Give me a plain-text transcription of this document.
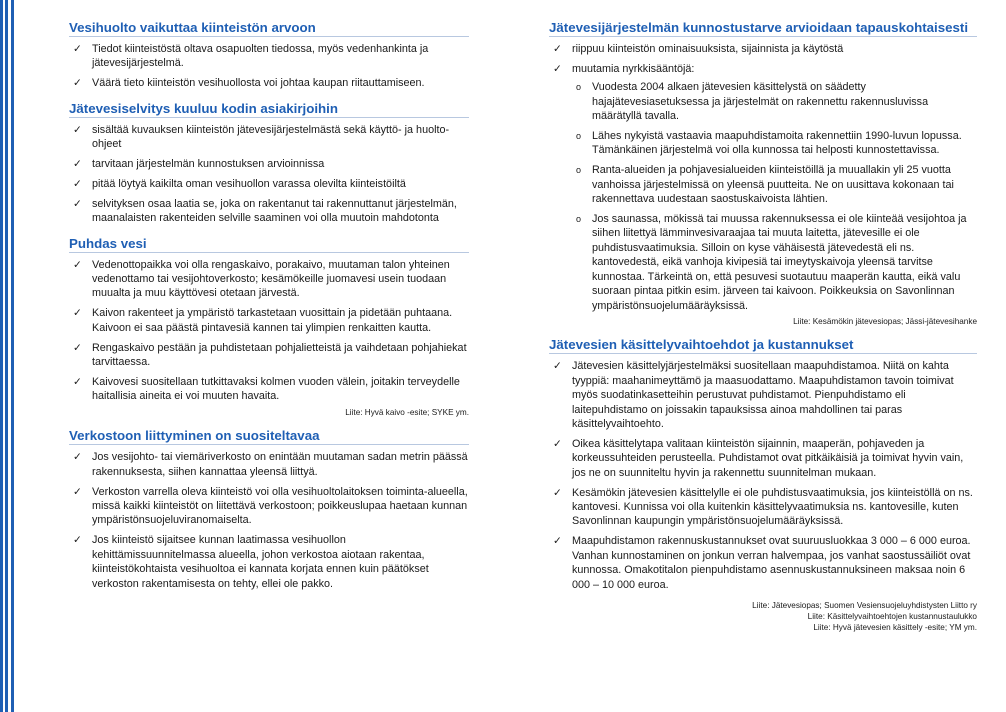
Vesihuolto vaikuttaa kiinteistön arvoon
✓ Tiedot kiinteistöstä oltava osapuolten tiedossa, myös vedenhankinta ja jätevesijärjestelmä.
✓ Väärä tieto kiinteistön vesihuollosta voi johtaa kaupan riitauttamiseen.
Jätevesiselvitys kuuluu kodin asiakirjoihin
✓ sisältää kuvauksen kiinteistön jätevesijärjestelmästä sekä käyttö- ja huolto-ohjeet
✓ tarvitaan järjestelmän kunnostuksen arvioinnissa
✓ pitää löytyä kaikilta oman vesihuollon varassa olevilta kiinteistöiltä
✓ selvityksen osaa laatia se, joka on rakentanut tai rakennuttanut järjestelmän, maanalaisten rakenteiden selville saaminen voi olla muutoin mahdotonta
Puhdas vesi
✓ Vedenottopaikka voi olla rengaskaivo, porakaivo, muutaman talon yhteinen vedenottamo tai vesijohtoverkosto; kesämökeille juomavesi usein tuodaan muualta ja muu käyttövesi otetaan järvestä.
✓ Kaivon rakenteet ja ympäristö tarkastetaan vuosittain ja pidetään puhtaana. Kaivoon ei saa päästä pintavesiä kannen tai ylimpien renkaitten kautta.
✓ Rengaskaivo pestään ja puhdistetaan pohjalietteistä ja vaihdetaan pohjahiekat tarvittaessa.
✓ Kaivovesi suositellaan tutkittavaksi kolmen vuoden välein, joitakin terveydelle haitallisia aineita ei voi muuten havaita.
Liite: Hyvä kaivo -esite; SYKE ym.
Verkostoon liittyminen on suositeltavaa
✓ Jos vesijohto- tai viemäriverkosto on enintään muutaman sadan metrin päässä rakennuksesta, siihen kannattaa yleensä liittyä.
✓ Verkoston varrella oleva kiinteistö voi olla vesihuoltolaitoksen toiminta-alueella, missä kaikki kiinteistöt on liitettävä verkostoon; poikkeuslupaa haetaan kunnan ympäristönsuojeluviranomaiselta.
✓ Jos kiinteistö sijaitsee kunnan laatimassa vesihuollon kehittämissuunnitelmassa alueella, johon verkostoa aiotaan rakentaa, kiinteistökohtaista vesihuoltoa ei kannata korjata ennen kuin päätökset verkoston rakentamisesta on tehty, ellei ole pakko.
Jätevesijärjestelmän kunnostustarve arvioidaan tapauskohtaisesti
✓ riippuu kiinteistön ominaisuuksista, sijainnista ja käytöstä
✓ muutamia nyrkkisääntöjä:
o Vuodesta 2004 alkaen jätevesien käsittelystä on säädetty hajajätevesiasetuksessa ja järjestelmät on rakennettu rakennusluvissa määrätyllä tavalla.
o Lähes nykyistä vastaavia maapuhdistamoita rakennettiin 1990-luvun lopussa. Tämänkäinen järjestelmä voi olla kunnossa tai helposti kunnostettavissa.
o Ranta-alueiden ja pohjavesialueiden kiinteistöillä ja muuallakin yli 25 vuotta vanhoissa järjestelmissä on yleensä puutteita. Ne on uusittava kokonaan tai rakennettava uudestaan saostuskaivoista lähtien.
o Jos saunassa, mökissä tai muussa rakennuksessa ei ole kiinteää vesijohtoa ja siihen liitettyä lämminvesivaraajaa tai muuta laitetta, jätevesille ei ole puhdistusvaatimuksia. Silloin on kyse vähäisestä jätevedestä eli ns. kantovedestä, eikä vanhoja kivipesiä tai imeytyskaivoja yleensä tarvitse kunnostaa. Tärkeintä on, että pesuvesi suotautuu maaperän kautta, eikä valu suoraan pintaa pitkin esim. järveen tai kaivoon. Poikkeuksia on Savonlinnan ympäristönsuojelumääräyksissä.
Liite: Kesämökin jätevesiopas; Jässi-jätevesihanke
Jätevesien käsittelyvaihtoehdot ja kustannukset
✓ Jätevesien käsittelyjärjestelmäksi suositellaan maapuhdistamoa. Niitä on kahta tyyppiä: maahanimeyttämö ja maasuodattamo. Maapuhdistamon tavoin toimivat myös suodatinkasetteihin perustuvat puhdistamot. Pienpuhdistamo eli laitepuhdistamo on joissakin tapauksissa ainoa mahdollinen tai paras käsittelyvaihtoehto.
✓ Oikea käsittelytapa valitaan kiinteistön sijainnin, maaperän, pohjaveden ja korkeussuhteiden perusteella. Puhdistamot ovat pitkäikäisiä ja toimivat hyvin vain, jos ne on suunniteltu hyvin ja rakennettu suunnitelman mukaan.
✓ Kesämökin jätevesien käsittelylle ei ole puhdistusvaatimuksia, jos kiinteistöllä on ns. kantovesi. Kunnissa voi olla kuitenkin käsittelyvaatimuksia ns. kantovesille, kuten Savonlinnan kaupungin ympäristönsuojelumääräyksissä.
✓ Maapuhdistamon rakennuskustannukset ovat suuruusluokkaa 3 000 – 6 000 euroa. Vanhan kunnostaminen on jonkun verran halvempaa, jos vanhat saostussäiliöt ovat kunnossa. Omakotitalon pienpuhdistamo asennuskustannuksineen maksaa noin 6 000 – 10 000 euroa.
Liite: Jätevesiopas; Suomen Vesiensuojeluyhdistysten Liitto ry
Liite: Käsittelyvaihtoehtojen kustannustaulukko
Liite: Hyvä jätevesien käsittely -esite; YM ym.
